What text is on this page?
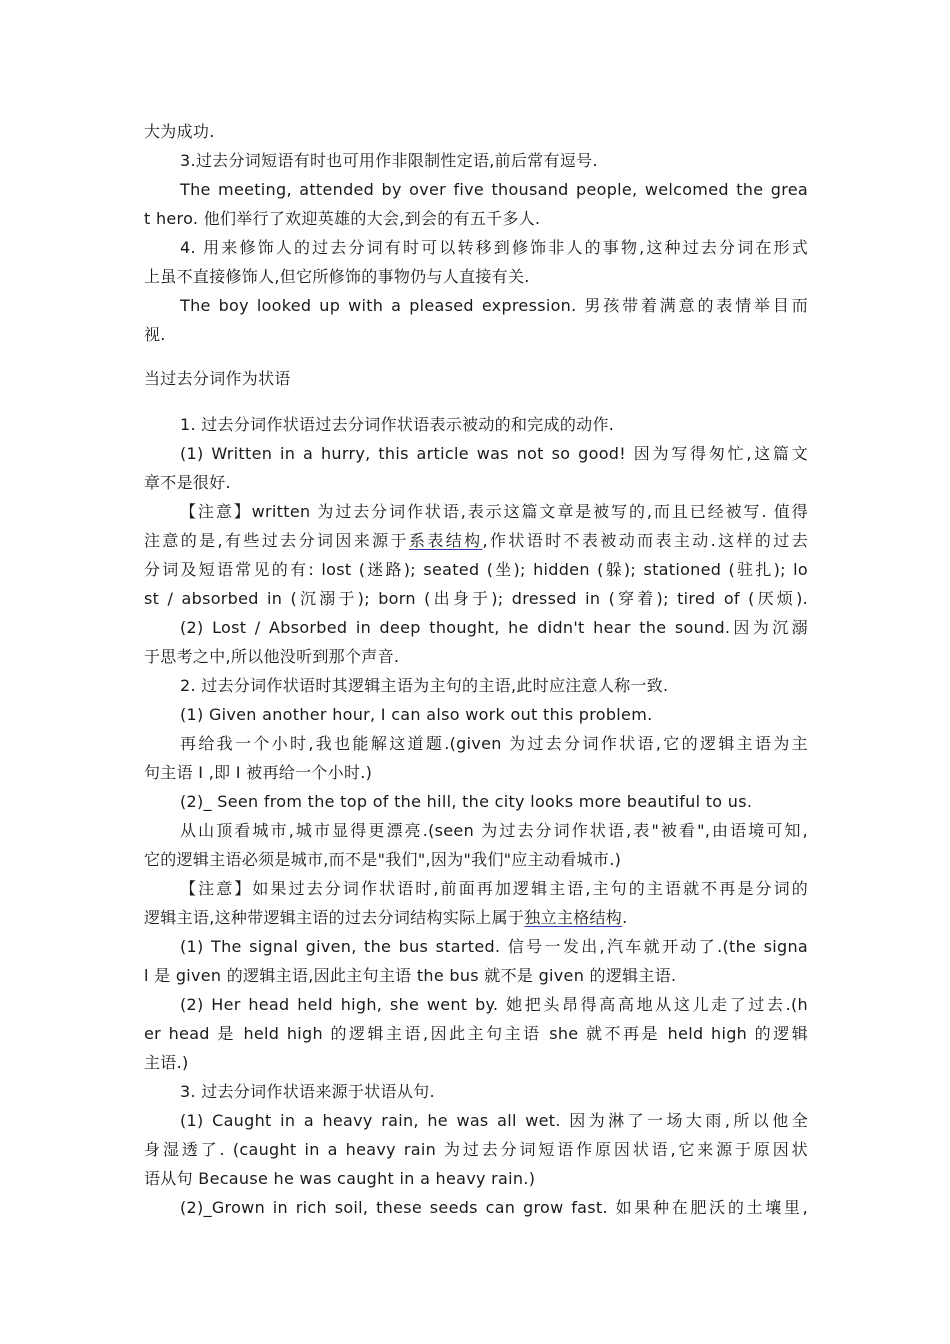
大为成功.
3.过去分词短语有时也可用作非限制性定语,前后常有逗号.
The meeting, attended by over five thousand people, welcomed the grea
t hero. 他们举行了欢迎英雄的大会,到会的有五千多人.
4. 用来修饰人的过去分词有时可以转移到修饰非人的事物,这种过去分词在形式
上虽不直接修饰人,但它所修饰的事物仍与人直接有关.
The boy looked up with a pleased expression. 男孩带着满意的表情举目而
视.
当过去分词作为状语
1. 过去分词作状语过去分词作状语表示被动的和完成的动作.
(1) Written in a hurry, this article was not so good! 因为写得匆忙,这篇文
章不是很好.
【注意】written 为过去分词作状语,表示这篇文章是被写的,而且已经被写. 值得
注意的是,有些过去分词因来源于系表结构,作状语时不表被动而表主动.这样的过去
分词及短语常见的有: lost (迷路); seated (坐); hidden (躲); stationed (驻扎); lo
st / absorbed in (沉溺于); born (出身于); dressed in (穿着); tired of (厌烦).
(2) Lost / Absorbed in deep thought, he didn't hear the sound.因为沉溺
于思考之中,所以他没听到那个声音.
2. 过去分词作状语时其逻辑主语为主句的主语,此时应注意人称一致.
(1) Given another hour, I can also work out this problem.
再给我一个小时,我也能解这道题.(given 为过去分词作状语,它的逻辑主语为主
句主语 I ,即 I 被再给一个小时.)
(2)_ Seen from the top of the hill, the city looks more beautiful to us.
从山顶看城市,城市显得更漂亮.(seen 为过去分词作状语,表"被看",由语境可知,
它的逻辑主语必须是城市,而不是"我们",因为"我们"应主动看城市.)
【注意】如果过去分词作状语时,前面再加逻辑主语,主句的主语就不再是分词的
逻辑主语,这种带逻辑主语的过去分词结构实际上属于独立主格结构.
(1) The signal given, the bus started. 信号一发出,汽车就开动了.(the signa
l 是 given 的逻辑主语,因此主句主语 the bus 就不是 given 的逻辑主语.
(2) Her head held high, she went by. 她把头昂得高高地从这儿走了过去.(h
er head 是 held high 的逻辑主语,因此主句主语 she 就不再是 held high 的逻辑
主语.)
3. 过去分词作状语来源于状语从句.
(1) Caught in a heavy rain, he was all wet. 因为淋了一场大雨,所以他全
身湿透了. (caught in a heavy rain 为过去分词短语作原因状语,它来源于原因状
语从句 Because he was caught in a heavy rain.)
(2)_Grown in rich soil, these seeds can grow fast. 如果种在肥沃的土壤里,
